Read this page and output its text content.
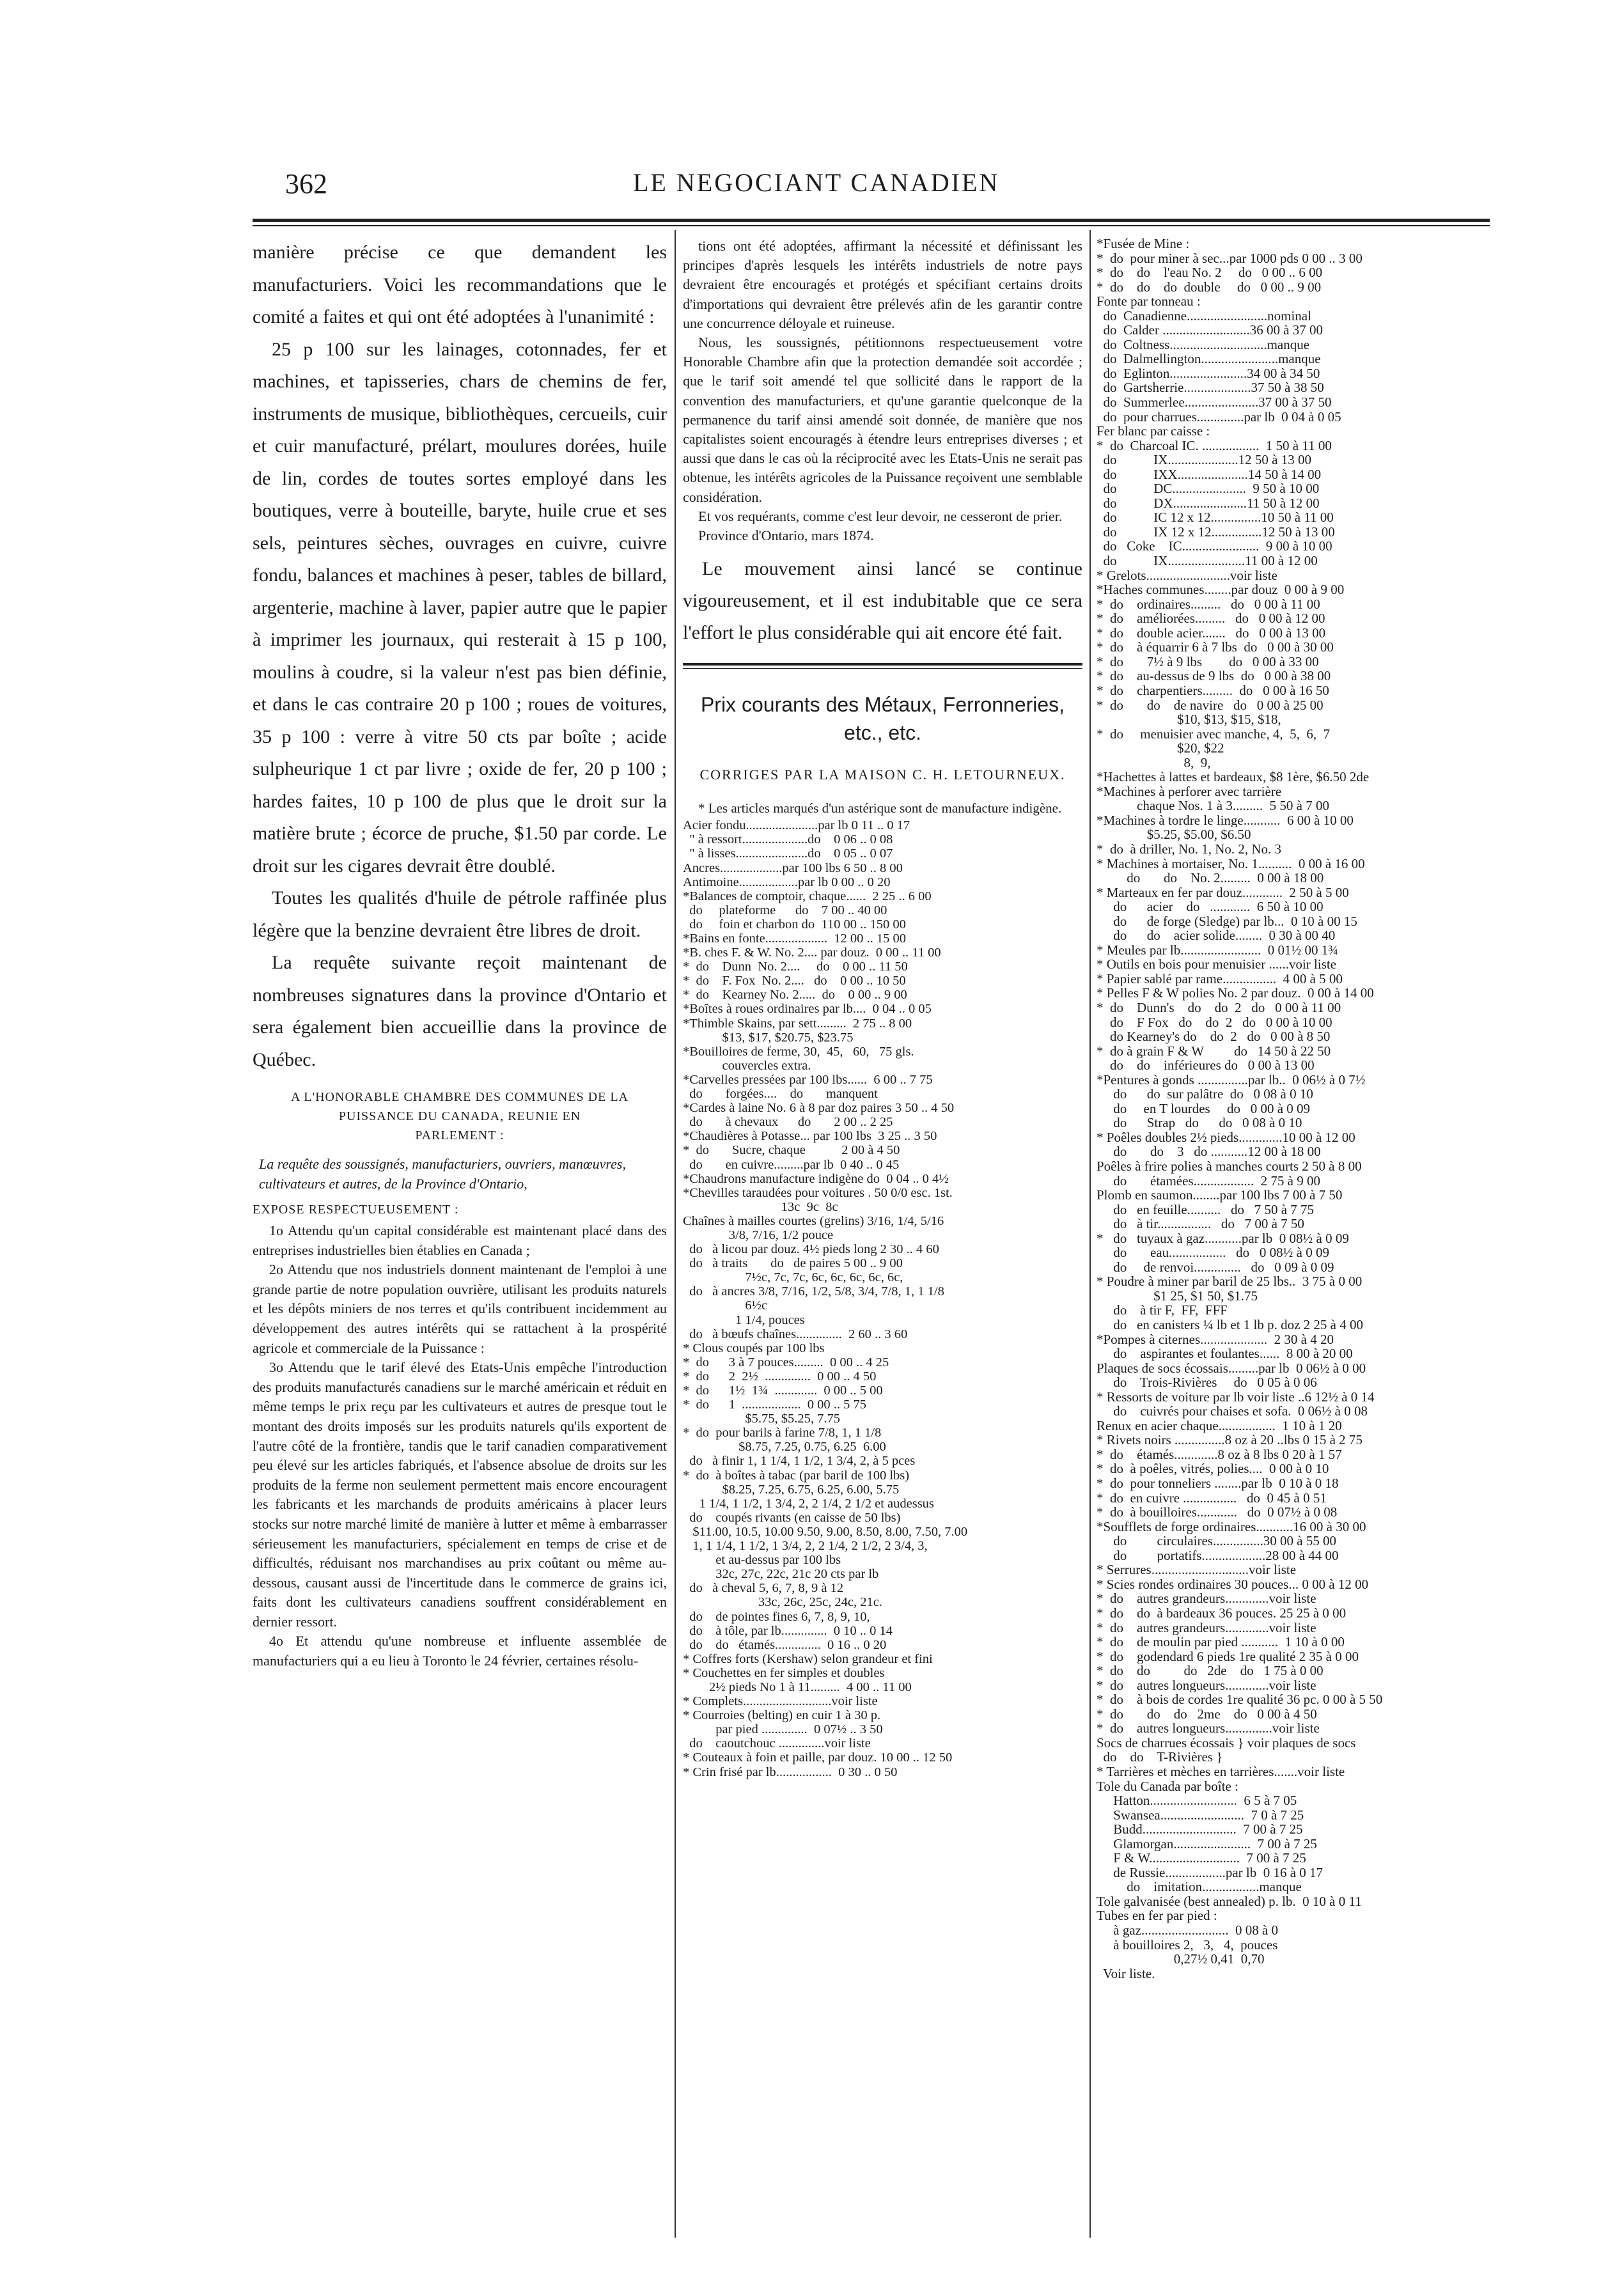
362	LE NEGOCIANT CANADIEN

manière précise ce que demandent les manufacturiers. Voici les recommandations que le comité a faites et qui ont été adoptées à l'unanimité :

25 p 100 sur les lainages, cotonnades, fer et machines, et tapisseries, chars de chemins de fer, instruments de musique, bibliothèques, cercueils, cuir et cuir manufacturé, prélart, moulures dorées, huile de lin, cordes de toutes sortes employé dans les boutiques, verre à bouteille, baryte, huile crue et ses sels, peintures sèches, ouvrages en cuivre, cuivre fondu, balances et machines à peser, tables de billard, argenterie, machine à laver, papier autre que le papier à imprimer les journaux, qui resterait à 15 p 100, moulins à coudre, si la valeur n'est pas bien définie, et dans le cas contraire 20 p 100 ; roues de voitures, 35 p 100 : verre à vitre 50 cts par boîte ; acide sulpheurique 1 ct par livre ; oxide de fer, 20 p 100 ; hardes faites, 10 p 100 de plus que le droit sur la matière brute ; écorce de pruche, $1.50 par corde. Le droit sur les cigares devrait être doublé.

Toutes les qualités d'huile de pétrole raffinée plus légère que la benzine devraient être libres de droit.

La requête suivante reçoit maintenant de nombreuses signatures dans la province d'Ontario et sera également bien accueillie dans la province de Québec.

A L'HONORABLE CHAMBRE DES COMMUNES DE LA
PUISSANCE DU CANADA, REUNIE EN
PARLEMENT :
La requête des soussignés, manufacturiers, ouvriers, manœuvres, cultivateurs et autres, de la Province d'Ontario,
EXPOSE RESPECTUEUSEMENT :

1o Attendu qu'un capital considérable est maintenant placé dans des entreprises industrielles bien établies en Canada ;

2o Attendu que nos industriels donnent maintenant de l'emploi à une grande partie de notre population ouvrière, utilisant les produits naturels et les dépôts miniers de nos terres et qu'ils contribuent incidemment au développement des autres intérêts qui se rattachent à la prospérité agricole et commerciale de la Puissance :

3o Attendu que le tarif élevé des Etats-Unis empêche l'introduction des produits manufacturés canadiens sur le marché américain et réduit en même temps le prix reçu par les cultivateurs et autres de presque tout le montant des droits imposés sur les produits naturels qu'ils exportent de l'autre côté de la frontière, tandis que le tarif canadien comparativement peu élevé sur les articles fabriqués, et l'absence absolue de droits sur les produits de la ferme non seulement permettent mais encore encouragent les fabricants et les marchands de produits américains à placer leurs stocks sur notre marché limité de manière à lutter et même à embarrasser sérieusement les manufacturiers, spécialement en temps de crise et de difficultés, réduisant nos marchandises au prix coûtant ou même au-dessous, causant aussi de l'incertitude dans le commerce de grains ici, faits dont les cultivateurs canadiens souffrent considérablement en dernier ressort.

4o Et attendu qu'une nombreuse et influente assemblée de manufacturiers qui a eu lieu à Toronto le 24 février, certaines résolu-

tions ont été adoptées, affirmant la nécessité et définissant les principes d'après lesquels les intérêts industriels de notre pays devraient être encouragés et protégés et spécifiant certains droits d'importations qui devraient être prélevés afin de les garantir contre une concurrence déloyale et ruineuse.

Nous, les soussignés, pétitionnons respectueusement votre Honorable Chambre afin que la protection demandée soit accordée ; que le tarif soit amendé tel que sollicité dans le rapport de la convention des manufacturiers, et qu'une garantie quelconque de la permanence du tarif ainsi amendé soit donnée, de manière que nos capitalistes soient encouragés à étendre leurs entreprises diverses ; et aussi que dans le cas où la réciprocité avec les Etats-Unis ne serait pas obtenue, les intérêts agricoles de la Puissance reçoivent une semblable considération.

Et vos requérants, comme c'est leur devoir, ne cesseront de prier.

Province d'Ontario, mars 1874.

Le mouvement ainsi lancé se continue vigoureusement, et il est indubitable que ce sera l'effort le plus considérable qui ait encore été fait.

Prix courants des Métaux, Ferronneries, etc., etc.
CORRIGES PAR LA MAISON C. H. LETOURNEUX.
* Les articles marqués d'un astérique sont de manufacture indigène.
Acier fondu......................par lb 0 11 .. 0 17
" à ressort....................do    0 06 .. 0 08
" à lisses......................do    0 05 .. 0 07
Ancres...................par 100 lbs 6 50 .. 8 00
Antimoine..................par lb 0 00 .. 0 20
*Balances de comptoir, chaque......  2 25 .. 6 00
do     plateforme      do    7 00 .. 40 00
do     foin et charbon do  110 00 .. 150 00
*Bains en fonte...................  12 00 .. 15 00
*B. ches F. & W. No. 2.... par douz.  0 00 .. 11 00
*  do    Dunn  No. 2....     do    0 00 .. 11 50
*  do    F. Fox  No. 2....   do    0 00 .. 10 50
*  do    Kearney No. 2.....  do    0 00 .. 9 00
*Boîtes à roues ordinaires par lb....  0 04 .. 0 05
*Thimble Skains, par sett.........  2 75 .. 8 00
$13, $17, $20.75, $23.75
*Bouilloires de ferme, 30,  45,   60,   75 gls.
couvercles extra.
*Carvelles pressées par 100 lbs......  6 00 .. 7 75
do       forgées....    do       manquent
*Cardes à laine No. 6 à 8 par doz paires 3 50 .. 4 50
do       à chevaux      do       2 00 .. 2 25
*Chaudières à Potasse... par 100 lbs  3 25 .. 3 50
*  do       Sucre, chaque           2 00 à 4 50
do       en cuivre.........par lb  0 40 .. 0 45
*Chaudrons manufacture indigène do  0 04 .. 0 4½
*Chevilles taraudées pour voitures . 50 0/0 esc. 1st.
13c  9c  8c
Chaînes à mailles courtes (grelins) 3/16, 1/4, 5/16
3/8, 7/16, 1/2 pouce
do   à licou par douz. 4½ pieds long 2 30 .. 4 60
do   à traits       do   de paires 5 00 .. 9 00
7½c, 7c, 7c, 6c, 6c, 6c, 6c, 6c,
do   à ancres 3/8, 7/16, 1/2, 5/8, 3/4, 7/8, 1, 1 1/8
6½c
1 1/4, pouces
do   à bœufs chaînes..............  2 60 .. 3 60
* Clous coupés par 100 lbs
*  do      3 à 7 pouces.........  0 00 .. 4 25
*  do      2  2½  ..............  0 00 .. 4 50
*  do      1½  1¾  .............  0 00 .. 5 00
*  do      1  ..................  0 00 .. 5 75
$5.75, $5.25, 7.75
*  do  pour barils à farine 7/8, 1, 1 1/8
$8.75, 7.25, 0.75, 6.25  6.00
do   à finir 1, 1 1/4, 1 1/2, 1 3/4, 2, à 5 pces
*  do  à boîtes à tabac (par baril de 100 lbs)
$8.25, 7.25, 6.75, 6.25, 6.00, 5.75
1 1/4, 1 1/2, 1 3/4, 2, 2 1/4, 2 1/2 et audessus
do    coupés rivants (en caisse de 50 lbs)
$11.00, 10.5, 10.00 9.50, 9.00, 8.50, 8.00, 7.50, 7.00
1, 1 1/4, 1 1/2, 1 3/4, 2, 2 1/4, 2 1/2, 2 3/4, 3,
et au-dessus par 100 lbs
32c, 27c, 22c, 21c 20 cts par lb
do   à cheval 5, 6, 7, 8, 9 à 12
33c, 26c, 25c, 24c, 21c.
do    de pointes fines 6, 7, 8, 9, 10,
do    à tôle, par lb..............  0 10 .. 0 14
do    do   étamés..............  0 16 .. 0 20
* Coffres forts (Kershaw) selon grandeur et fini
* Couchettes en fer simples et doubles
2½ pieds No 1 à 11.........  4 00 .. 11 00
* Complets...........................voir liste
* Courroies (belting) en cuir 1 à 30 p.
par pied ..............  0 07½ .. 3 50
do    caoutchouc ..............voir liste
* Couteaux à foin et paille, par douz. 10 00 .. 12 50
* Crin frisé par lb.................  0 30 .. 0 50
*Fusée de Mine :
*  do  pour miner à sec...par 1000 pds 0 00 .. 3 00
*  do    do    l'eau No. 2     do   0 00 .. 6 00
*  do    do    do  double     do   0 00 .. 9 00
Fonte par tonneau :
do  Canadienne........................nominal
do  Calder ..........................36 00 à 37 00
do  Coltness.............................manque
do  Dalmellington.......................manque
do  Eglinton.......................34 00 à 34 50
do  Gartsherrie....................37 50 à 38 50
do  Summerlee......................37 00 à 37 50
do  pour charrues..............par lb  0 04 à 0 05
Fer blanc par caisse :
*  do  Charcoal IC. .................  1 50 à 11 00
do           IX.....................12 50 à 13 00
do           IXX.....................14 50 à 14 00
do           DC......................  9 50 à 10 00
do           DX......................11 50 à 12 00
do           IC 12 x 12...............10 50 à 11 00
do           IX 12 x 12...............12 50 à 13 00
do   Coke    IC.......................  9 00 à 10 00
do           IX.......................11 00 à 12 00
* Grelots.........................voir liste
*Haches communes........par douz  0 00 à 9 00
*  do    ordinaires.........   do   0 00 à 11 00
*  do    améliorées.........   do   0 00 à 12 00
*  do    double acier.......   do   0 00 à 13 00
*  do    à équarrir 6 à 7 lbs  do   0 00 à 30 00
*  do       7½ à 9 lbs        do   0 00 à 33 00
*  do    au-dessus de 9 lbs  do   0 00 à 38 00
*  do    charpentiers.........  do   0 00 à 16 50
*  do       do    de navire   do   0 00 à 25 00
$10, $13, $15, $18,
*  do     menuisier avec manche, 4,  5,  6,  7
$20, $22
8,  9,
*Hachettes à lattes et bardeaux, $8 1ère, $6.50 2de
*Machines à perforer avec tarrière
chaque Nos. 1 à 3.........  5 50 à 7 00
*Machines à tordre le linge...........  6 00 à 10 00
$5.25, $5.00, $6.50
*  do  à driller, No. 1, No. 2, No. 3
* Machines à mortaiser, No. 1..........  0 00 à 16 00
do       do    No. 2.........  0 00 à 18 00
* Marteaux en fer par douz............  2 50 à 5 00
do      acier    do   ............  6 50 à 10 00
do      de forge (Sledge) par lb...  0 10 à 00 15
do      do    acier solide........  0 30 à 00 40
* Meules par lb........................  0 01½ 00 1¾
* Outils en bois pour menuisier ......voir liste
* Papier sablé par rame................  4 00 à 5 00
* Pelles F & W polies No. 2 par douz.  0 00 à 14 00
*  do    Dunn's    do    do  2   do   0 00 à 11 00
do    F Fox   do    do  2   do   0 00 à 10 00
do Kearney's do    do  2   do   0 00 à 8 50
*  do à grain F & W         do   14 50 à 22 50
do    do    inférieures do   0 00 à 13 00
*Pentures à gonds ...............par lb..  0 06½ à 0 7½
do      do  sur palâtre  do   0 08 à 0 10
do     en T lourdes     do   0 00 à 0 09
do      Strap   do      do   0 08 à 0 10
* Poêles doubles 2½ pieds.............10 00 à 12 00
do       do    3   do ...........12 00 à 18 00
Poêles à frire polies à manches courts 2 50 à 8 00
do       étamées..................  2 75 à 9 00
Plomb en saumon........par 100 lbs 7 00 à 7 50
do   en feuille..........   do   7 50 à 7 75
do   à tir................   do   7 00 à 7 50
*   do   tuyaux à gaz...........par lb  0 08½ à 0 09
do       eau.................   do   0 08½ à 0 09
do     de renvoi..............   do   0 09 à 0 09
* Poudre à miner par baril de 25 lbs..  3 75 à 0 00
$1 25, $1 50, $1.75
do    à tir F,  FF,  FFF
do   en canisters ¼ lb et 1 lb p. doz 2 25 à 4 00
*Pompes à citernes....................  2 30 à 4 20
do    aspirantes et foulantes......  8 00 à 20 00
Plaques de socs écossais.........par lb  0 06½ à 0 00
do    Trois-Rivières     do   0 05 à 0 06
* Ressorts de voiture par lb voir liste ..6 12½ à 0 14
do    cuivrés pour chaises et sofa.  0 06½ à 0 08
Renux en acier chaque.................  1 10 à 1 20
* Rivets noirs ...............8 oz à 20 ..lbs 0 15 à 2 75
*  do    étamés.............8 oz à 8 lbs 0 20 à 1 57
*  do  à poêles, vitrés, polies....  0 00 à 0 10
*  do  pour tonneliers ........par lb  0 10 à 0 18
*  do  en cuivre ................   do  0 45 à 0 51
*  do  à bouilloires............   do  0 07½ à 0 08
*Soufflets de forge ordinaires...........16 00 à 30 00
do         circulaires...............30 00 à 55 00
do         portatifs...................28 00 à 44 00
* Serrures.............................voir liste
* Scies rondes ordinaires 30 pouces... 0 00 à 12 00
*  do    autres grandeurs.............voir liste
*  do    do  à bardeaux 36 pouces. 25 25 à 0 00
*  do    autres grandeurs.............voir liste
*  do    de moulin par pied ...........  1 10 à 0 00
*  do    godendard 6 pieds 1re qualité 2 35 à 0 00
*  do    do          do   2de    do   1 75 à 0 00
*  do    autres longueurs.............voir liste
*  do    à bois de cordes 1re qualité 36 pc. 0 00 à 5 50
*  do       do    do   2me    do   0 00 à 4 50
*  do    autres longueurs..............voir liste
Socs de charrues écossais } voir plaques de socs
do    do    T-Rivières }
* Tarrières et mèches en tarrières.......voir liste
Tole du Canada par boîte :
Hatton..........................  6 5 à 7 05
Swansea.........................  7 0 à 7 25
Budd............................  7 00 à 7 25
Glamorgan.......................  7 00 à 7 25
F & W...........................  7 00 à 7 25
de Russie..................par lb  0 16 à 0 17
do    imitation.................manque
Tole galvanisée (best annealed) p. lb.  0 10 à 0 11
Tubes en fer par pied :
à gaz..........................  0 08 à 0
à bouilloires 2,   3,   4,  pouces
0,27½ 0,41  0,70
Voir liste.
